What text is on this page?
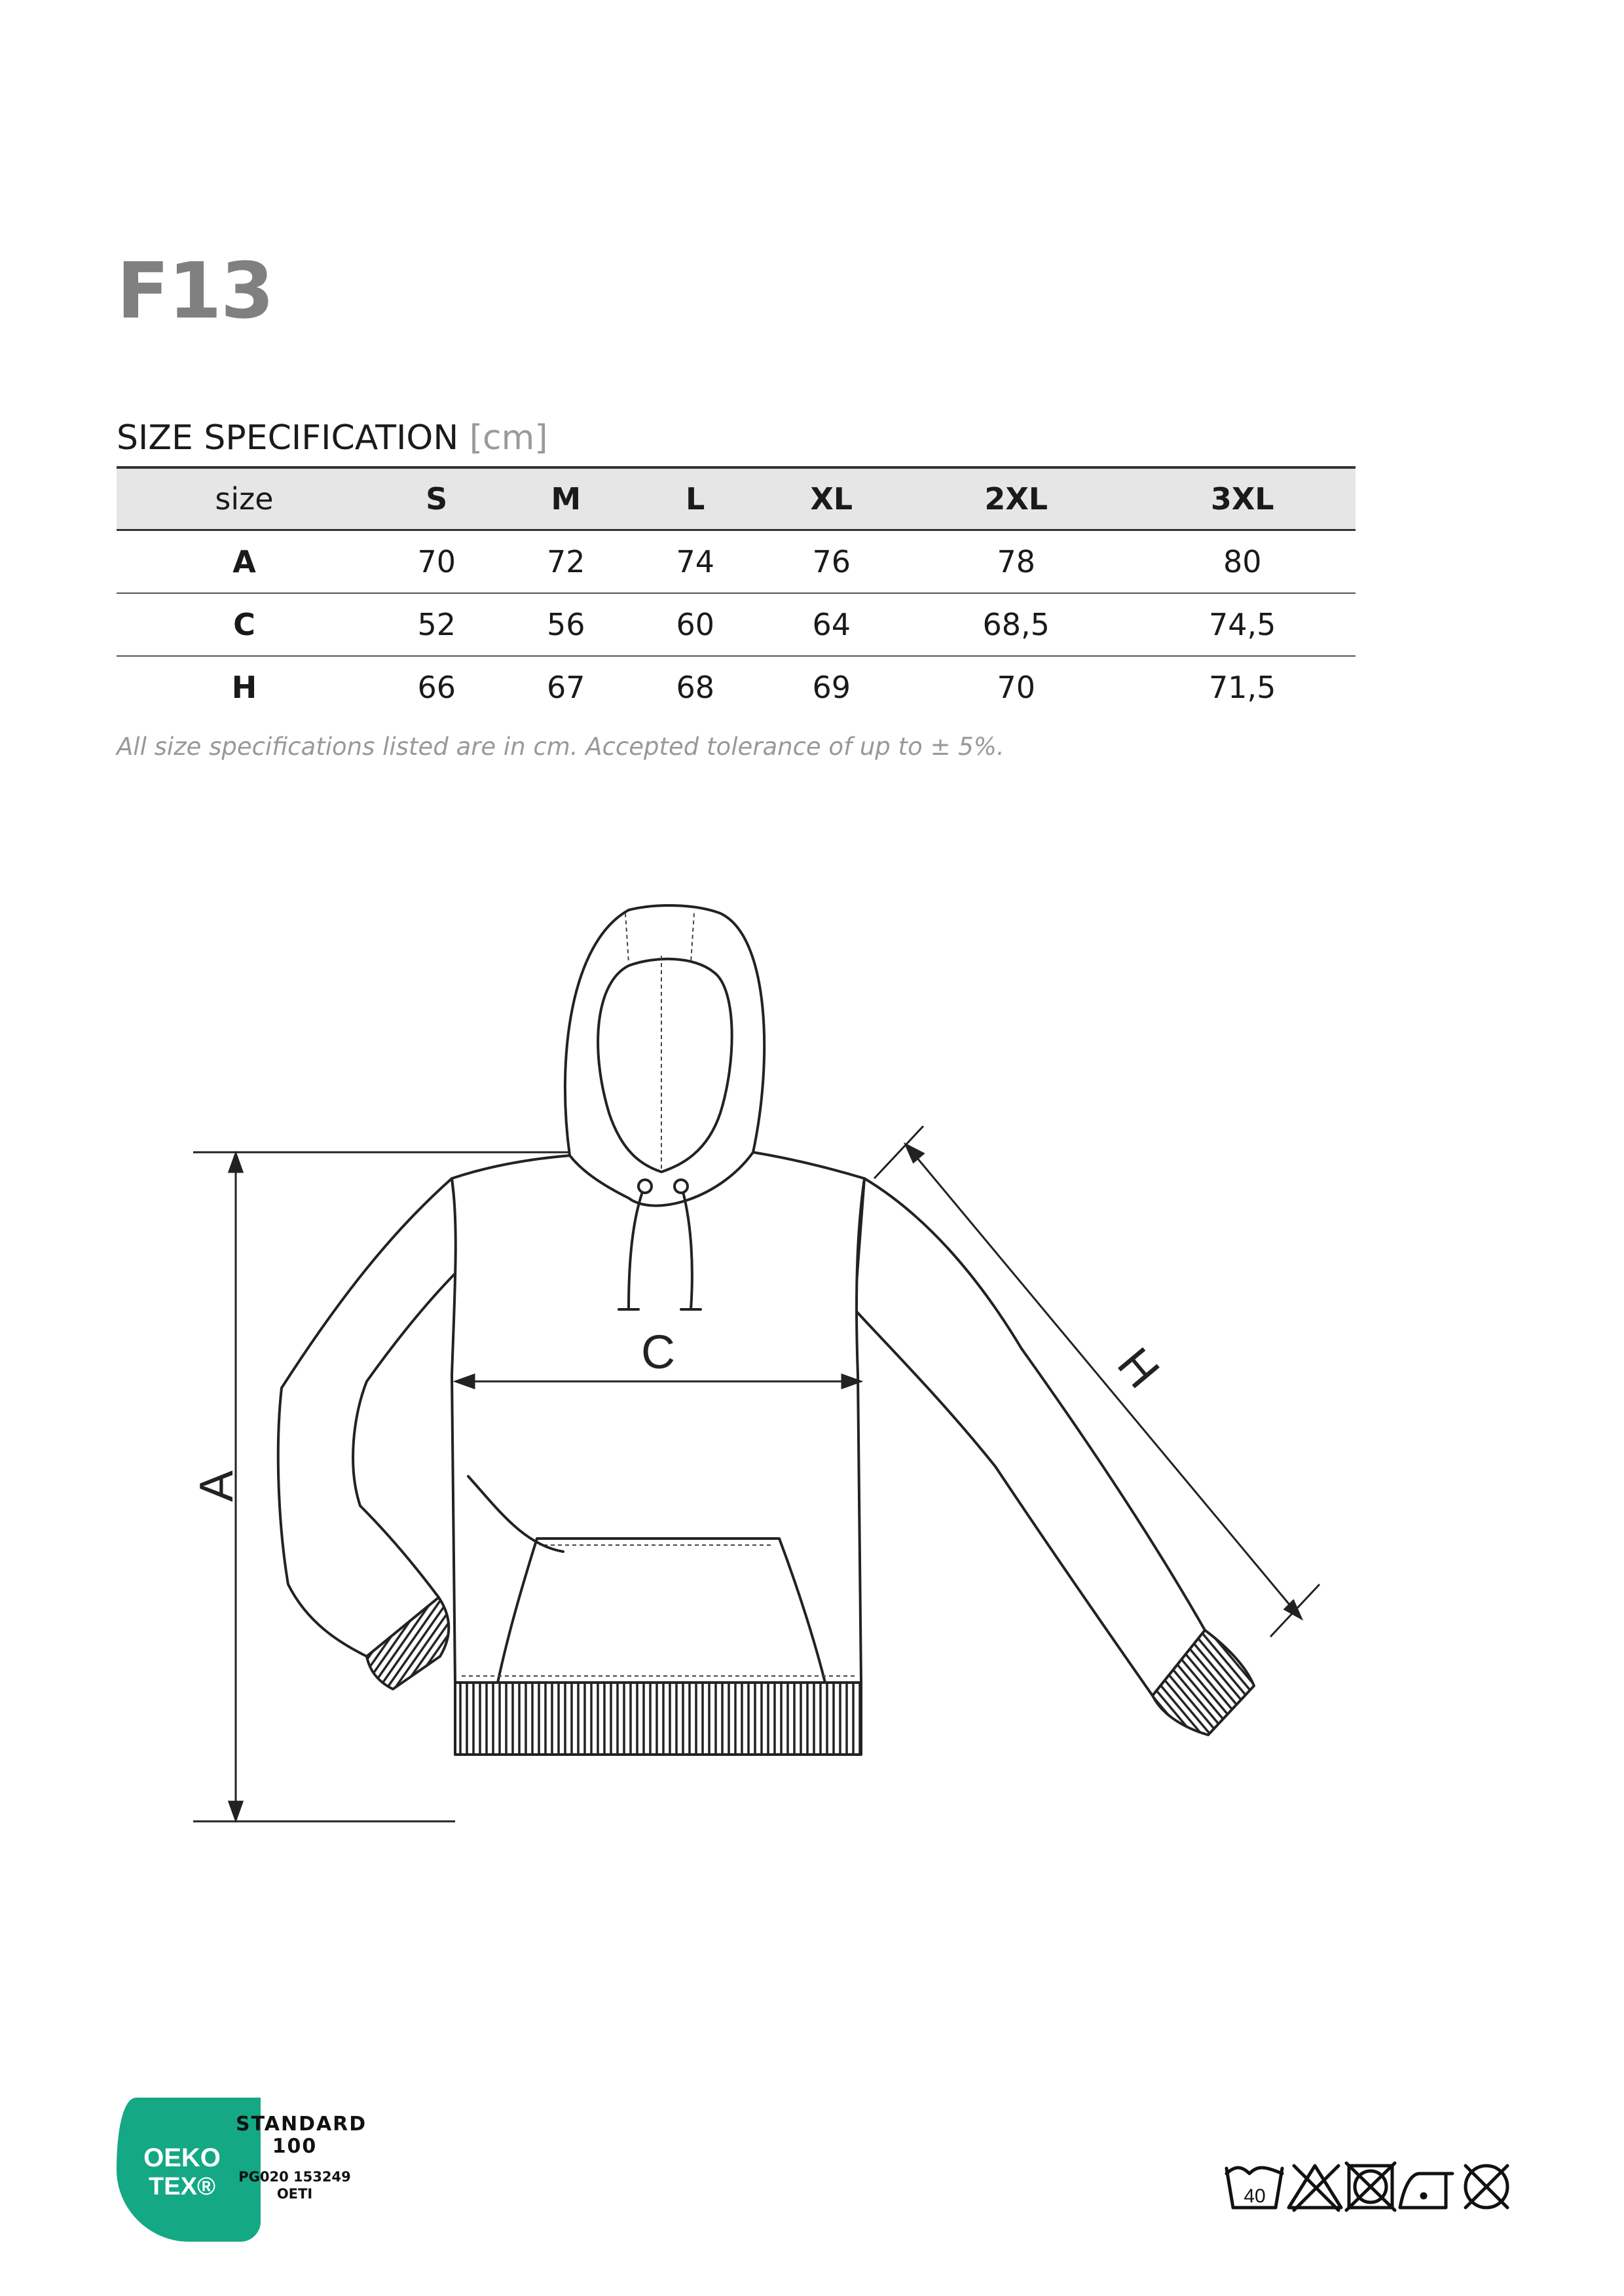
F13
SIZE SPECIFICATION [cm]
size	S	M	L	XL	2XL	3XL
A	70	72	74	76	78	80
C	52	56	60	64	68,5	74,5
H	66	67	68	69	70	71,5
All size specifications listed are in cm. Accepted tolerance of up to ± 5%.
A
C	H
OEKO
TEX®
STANDARD
100
PG020 153249
OETI	40
